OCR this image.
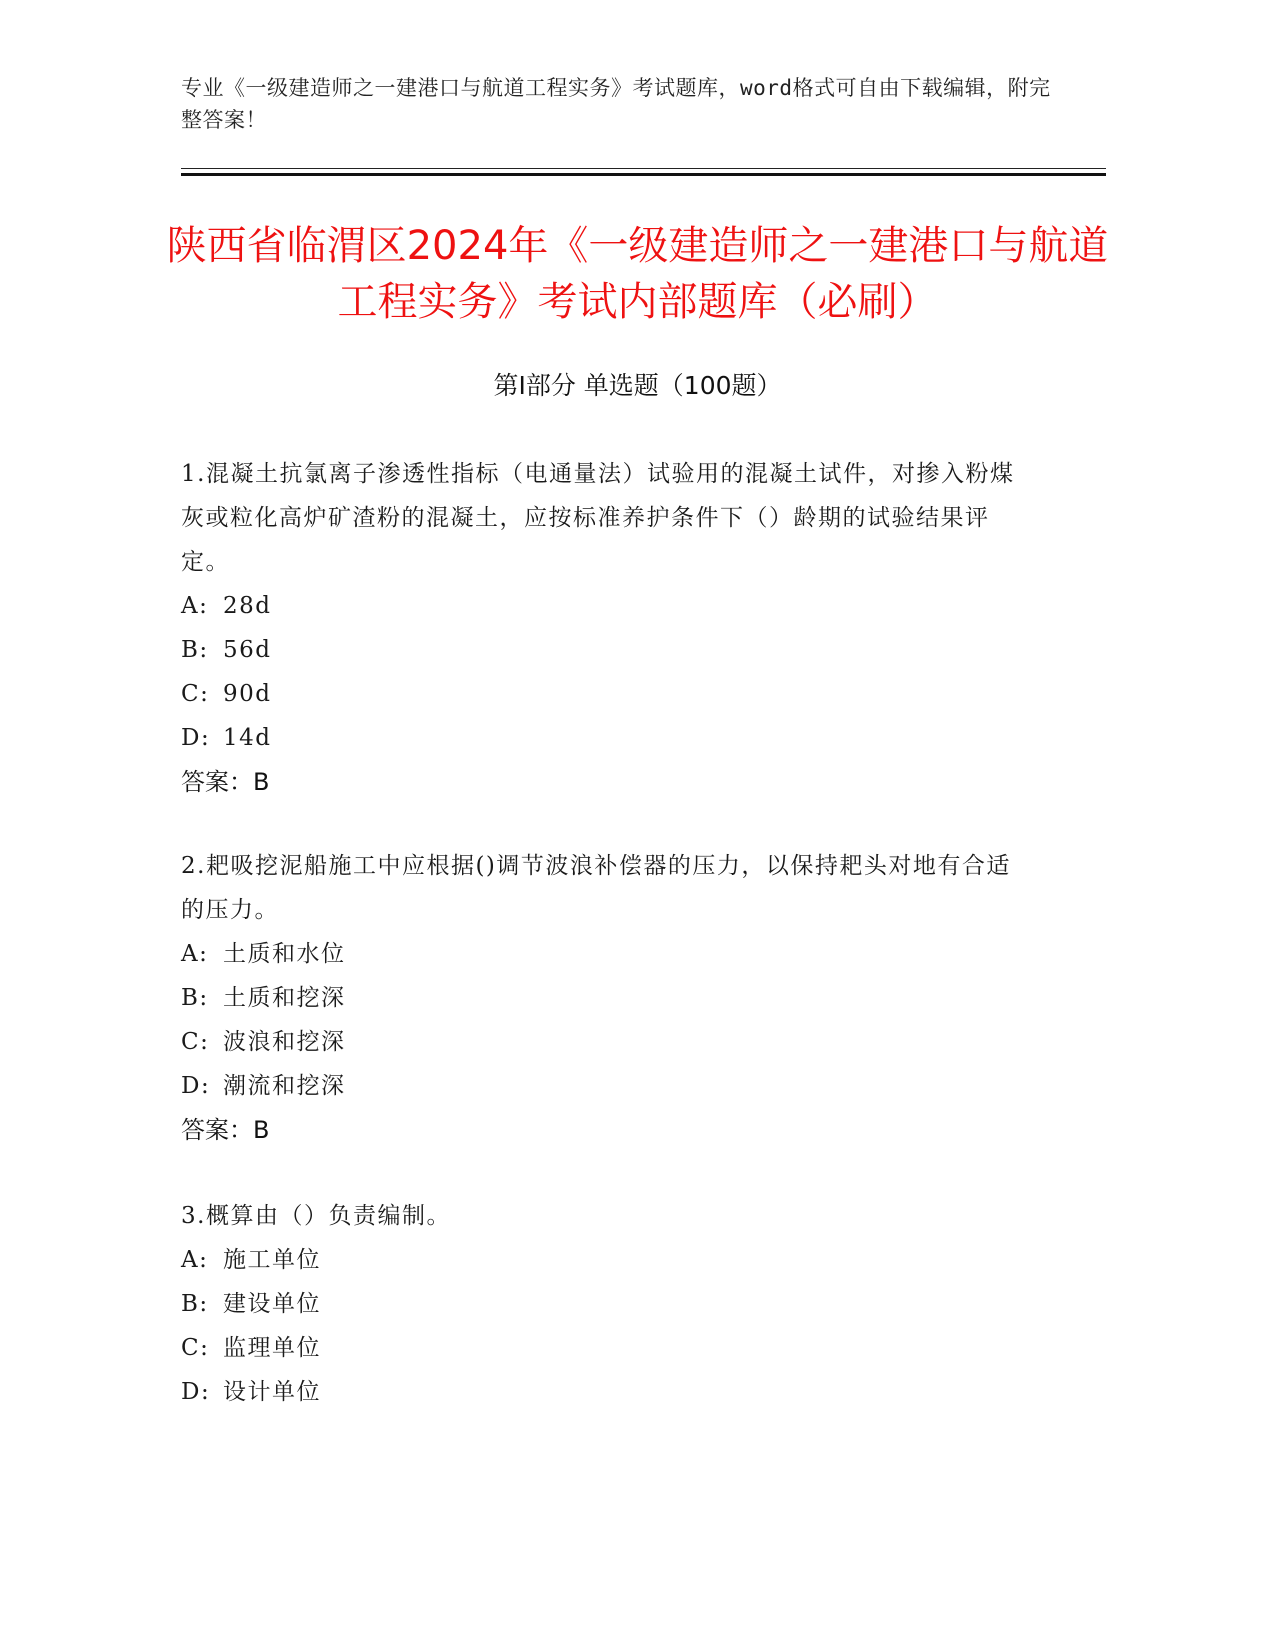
专业《一级建造师之一建港口与航道工程实务》考试题库，word格式可自由下载编辑，附完整答案！
陕西省临渭区2024年《一级建造师之一建港口与航道工程实务》考试内部题库（必刷）
第I部分 单选题（100题）
1.混凝土抗氯离子渗透性指标（电通量法）试验用的混凝土试件，对掺入粉煤灰或粒化高炉矿渣粉的混凝土，应按标准养护条件下（）龄期的试验结果评定。
A: 28d
B: 56d
C: 90d
D: 14d
答案：B
2.耙吸挖泥船施工中应根据()调节波浪补偿器的压力，以保持耙头对地有合适的压力。
A: 土质和水位
B: 土质和挖深
C: 波浪和挖深
D: 潮流和挖深
答案：B
3.概算由（）负责编制。
A: 施工单位
B: 建设单位
C: 监理单位
D: 设计单位
